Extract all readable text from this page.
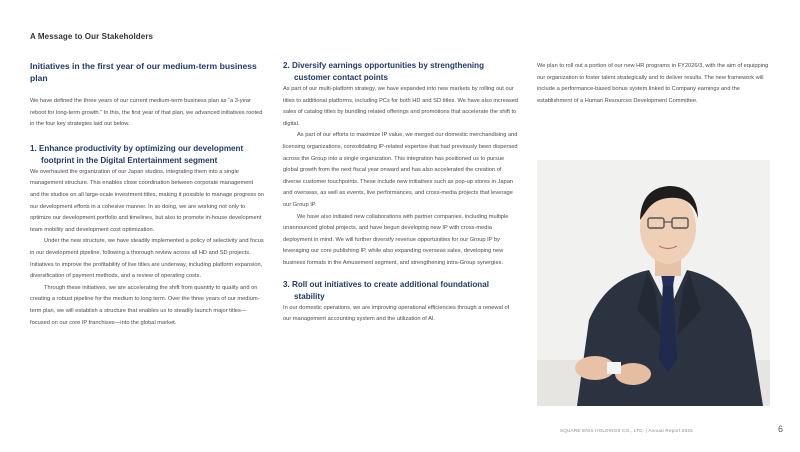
A Message to Our Stakeholders
Initiatives in the first year of our medium-term business plan

We have defined the three years of our current medium-term business plan as “a 3-year reboot for long-term growth.” In this, the first year of that plan, we advanced initiatives rooted in the four key strategies laid out below.

1. Enhance productivity by optimizing our development footprint in the Digital Entertainment segment

We overhauled the organization of our Japan studios, integrating them into a single management structure. This enables close coordination between corporate management and the studios on all large-scale investment titles, making it possible to manage progress on our development efforts in a cohesive manner. In so doing, we are working not only to optimize our development portfolio and timelines, but also to promote in-house development team mobility and development cost optimization.

Under the new structure, we have steadily implemented a policy of selectivity and focus in our development pipeline, following a thorough review across all HD and SD projects. Initiatives to improve the profitability of live titles are underway, including platform expansion, diversification of payment methods, and a review of operating costs.

Through these initiatives, we are accelerating the shift from quantity to quality and on creating a robust pipeline for the medium to long term. Over the three years of our medium-term plan, we will establish a structure that enables us to steadily launch major titles—focused on our core IP franchises—into the global market.

2. Diversify earnings opportunities by strengthening customer contact points

As part of our multi-platform strategy, we have expanded into new markets by rolling out our titles to additional platforms, including PCs for both HD and SD titles. We have also increased sales of catalog titles by bundling related offerings and promotions that accelerate the shift to digital.

As part of our efforts to maximize IP value, we merged our domestic merchandising and licensing organizations, consolidating IP-related expertise that had previously been dispersed across the Group into a single organization. This integration has positioned us to pursue global growth from the next fiscal year onward and has also accelerated the creation of diverse customer touchpoints. These include new initiatives such as pop-up stores in Japan and overseas, as well as events, live performances, and cross-media projects that leverage our Group IP.

We have also initiated new collaborations with partner companies, including multiple unannounced global projects, and have begun developing new IP with cross-media deployment in mind. We will further diversify revenue opportunities for our Group IP by leveraging our core publishing IP, while also expanding overseas sales, developing new business formats in the Amusement segment, and strengthening intra-Group synergies.

3. Roll out initiatives to create additional foundational stability

In our domestic operations, we are improving operational efficiencies through a renewal of our management accounting system and the utilization of AI.

We plan to roll out a portion of our new HR programs in FY2026/3, with the aim of equipping our organization to foster talent strategically and to deliver results. The new framework will include a performance-based bonus system linked to Company earnings and the establishment of a Human Resources Development Committee.

SQUARE ENIX HOLDINGS CO., LTD. | Annual Report 2025	6
